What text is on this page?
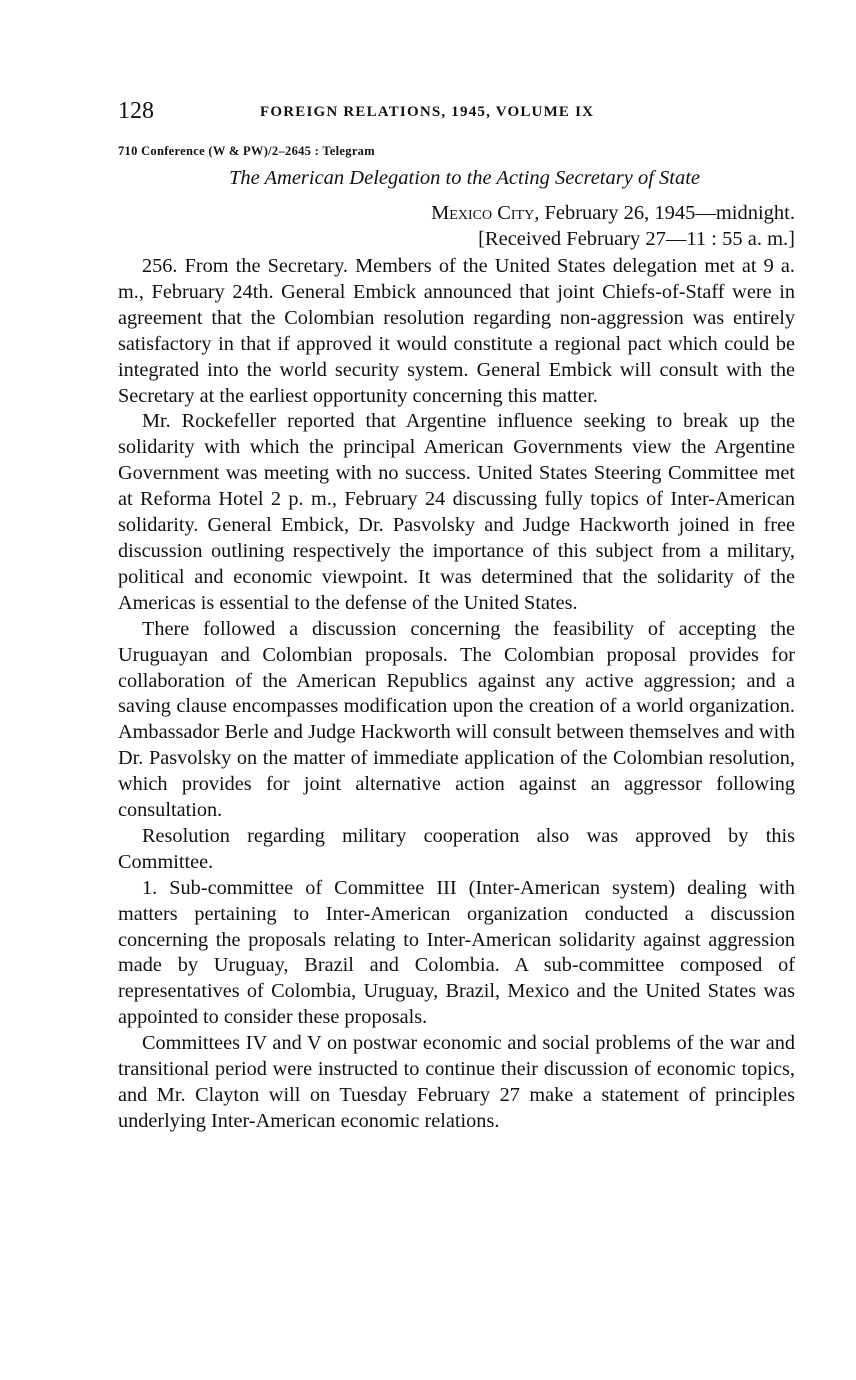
128	FOREIGN RELATIONS, 1945, VOLUME IX
710 Conference (W & PW)/2–2645 : Telegram
The American Delegation to the Acting Secretary of State
Mexico City, February 26, 1945—midnight.
[Received February 27—11 : 55 a. m.]

256. From the Secretary. Members of the United States delegation met at 9 a. m., February 24th. General Embick announced that joint Chiefs-of-Staff were in agreement that the Colombian resolution regarding non-aggression was entirely satisfactory in that if approved it would constitute a regional pact which could be integrated into the world security system. General Embick will consult with the Secretary at the earliest opportunity concerning this matter.

Mr. Rockefeller reported that Argentine influence seeking to break up the solidarity with which the principal American Governments view the Argentine Government was meeting with no success. United States Steering Committee met at Reforma Hotel 2 p. m., February 24 discussing fully topics of Inter-American solidarity. General Embick, Dr. Pasvolsky and Judge Hackworth joined in free discussion outlining respectively the importance of this subject from a military, political and economic viewpoint. It was determined that the solidarity of the Americas is essential to the defense of the United States.

There followed a discussion concerning the feasibility of accepting the Uruguayan and Colombian proposals. The Colombian proposal provides for collaboration of the American Republics against any active aggression; and a saving clause encompasses modification upon the creation of a world organization. Ambassador Berle and Judge Hackworth will consult between themselves and with Dr. Pasvolsky on the matter of immediate application of the Colombian resolution, which provides for joint alternative action against an aggressor following consultation.

Resolution regarding military cooperation also was approved by this Committee.

1. Sub-committee of Committee III (Inter-American system) dealing with matters pertaining to Inter-American organization conducted a discussion concerning the proposals relating to Inter-American solidarity against aggression made by Uruguay, Brazil and Colombia. A sub-committee composed of representatives of Colombia, Uruguay, Brazil, Mexico and the United States was appointed to consider these proposals.

Committees IV and V on postwar economic and social problems of the war and transitional period were instructed to continue their discussion of economic topics, and Mr. Clayton will on Tuesday February 27 make a statement of principles underlying Inter-American economic relations.
